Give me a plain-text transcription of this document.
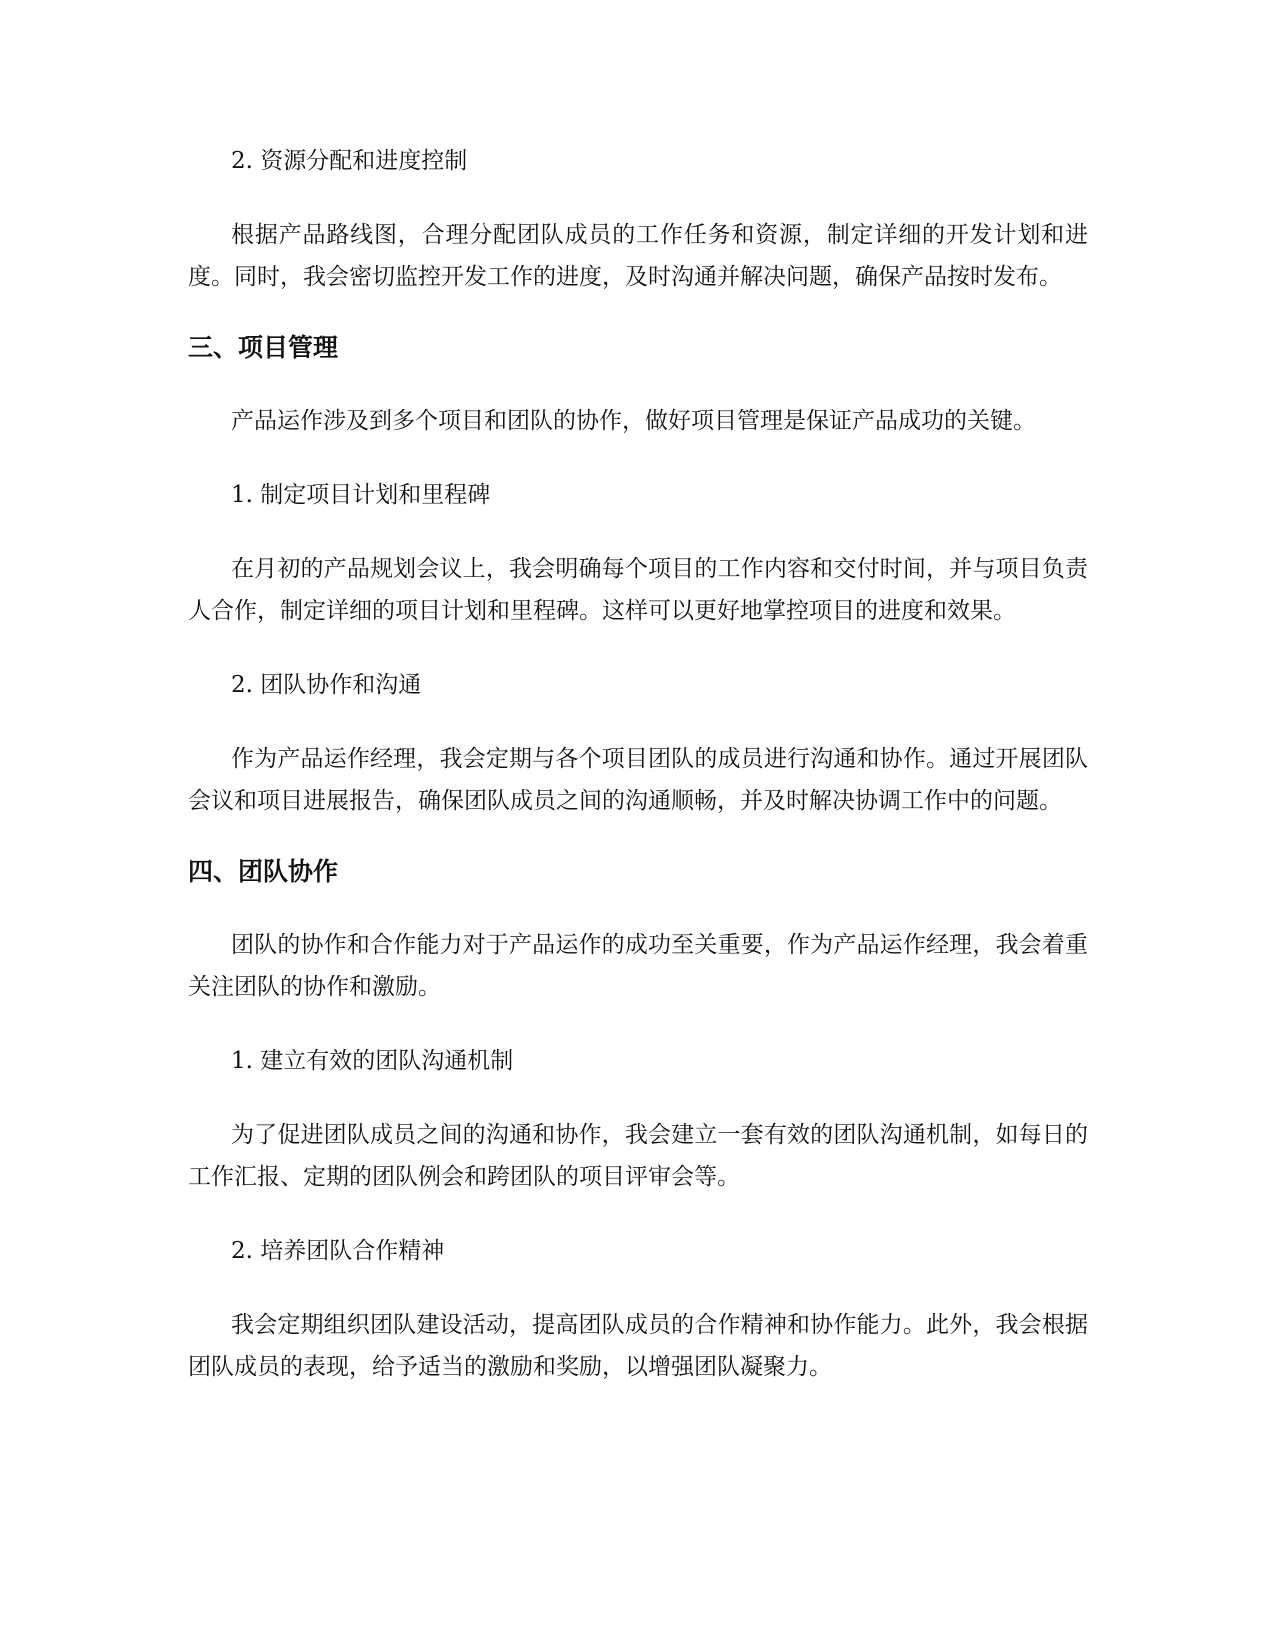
2. 资源分配和进度控制

根据产品路线图，合理分配团队成员的工作任务和资源，制定详细的开发计划和进度。同时，我会密切监控开发工作的进度，及时沟通并解决问题，确保产品按时发布。

三、项目管理

产品运作涉及到多个项目和团队的协作，做好项目管理是保证产品成功的关键。

1. 制定项目计划和里程碑

在月初的产品规划会议上，我会明确每个项目的工作内容和交付时间，并与项目负责人合作，制定详细的项目计划和里程碑。这样可以更好地掌控项目的进度和效果。

2. 团队协作和沟通

作为产品运作经理，我会定期与各个项目团队的成员进行沟通和协作。通过开展团队会议和项目进展报告，确保团队成员之间的沟通顺畅，并及时解决协调工作中的问题。

四、团队协作

团队的协作和合作能力对于产品运作的成功至关重要，作为产品运作经理，我会着重关注团队的协作和激励。

1. 建立有效的团队沟通机制

为了促进团队成员之间的沟通和协作，我会建立一套有效的团队沟通机制，如每日的工作汇报、定期的团队例会和跨团队的项目评审会等。

2. 培养团队合作精神

我会定期组织团队建设活动，提高团队成员的合作精神和协作能力。此外，我会根据团队成员的表现，给予适当的激励和奖励，以增强团队凝聚力。
